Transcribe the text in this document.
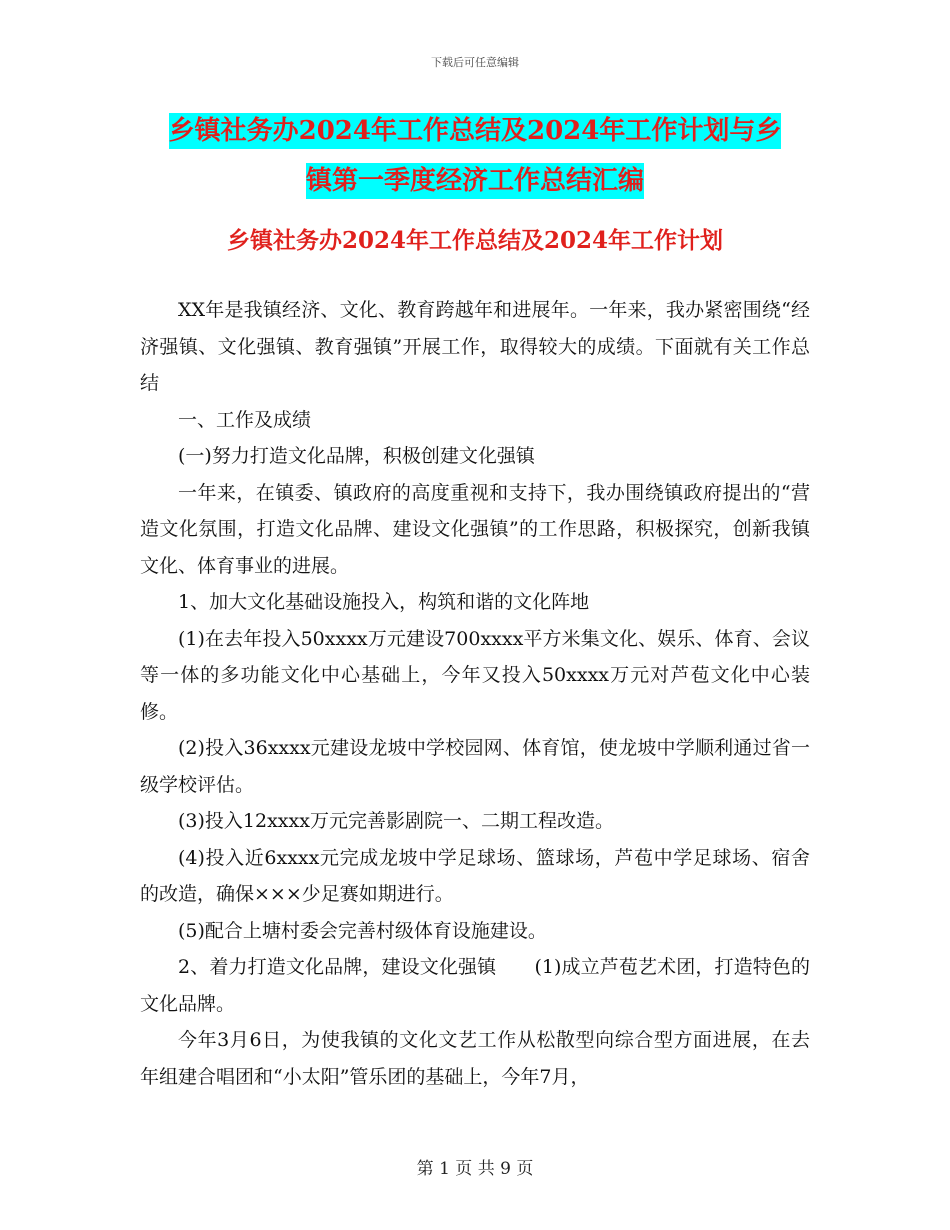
下载后可任意编辑
乡镇社务办2024年工作总结及2024年工作计划与乡
镇第一季度经济工作总结汇编
乡镇社务办2024年工作总结及2024年工作计划

XX年是我镇经济、文化、教育跨越年和进展年。一年来，我办紧密围绕“经济强镇、文化强镇、教育强镇”开展工作，取得较大的成绩。下面就有关工作总结

一、工作及成绩

(一)努力打造文化品牌，积极创建文化强镇

一年来，在镇委、镇政府的高度重视和支持下，我办围绕镇政府提出的“营造文化氛围，打造文化品牌、建设文化强镇”的工作思路，积极探究，创新我镇文化、体育事业的进展。

1、加大文化基础设施投入，构筑和谐的文化阵地

(1)在去年投入50xxxx万元建设700xxxx平方米集文化、娱乐、体育、会议等一体的多功能文化中心基础上，今年又投入50xxxx万元对芦苞文化中心装修。

(2)投入36xxxx元建设龙坡中学校园网、体育馆，使龙坡中学顺利通过省一级学校评估。

(3)投入12xxxx万元完善影剧院一、二期工程改造。

(4)投入近6xxxx元完成龙坡中学足球场、篮球场，芦苞中学足球场、宿舍的改造，确保×××少足赛如期进行。

(5)配合上塘村委会完善村级体育设施建设。

2、着力打造文化品牌，建设文化强镇　　(1)成立芦苞艺术团，打造特色的文化品牌。

今年3月6日，为使我镇的文化文艺工作从松散型向综合型方面进展，在去年组建合唱团和“小太阳”管乐团的基础上，今年7月，

第 1 页 共 9 页
